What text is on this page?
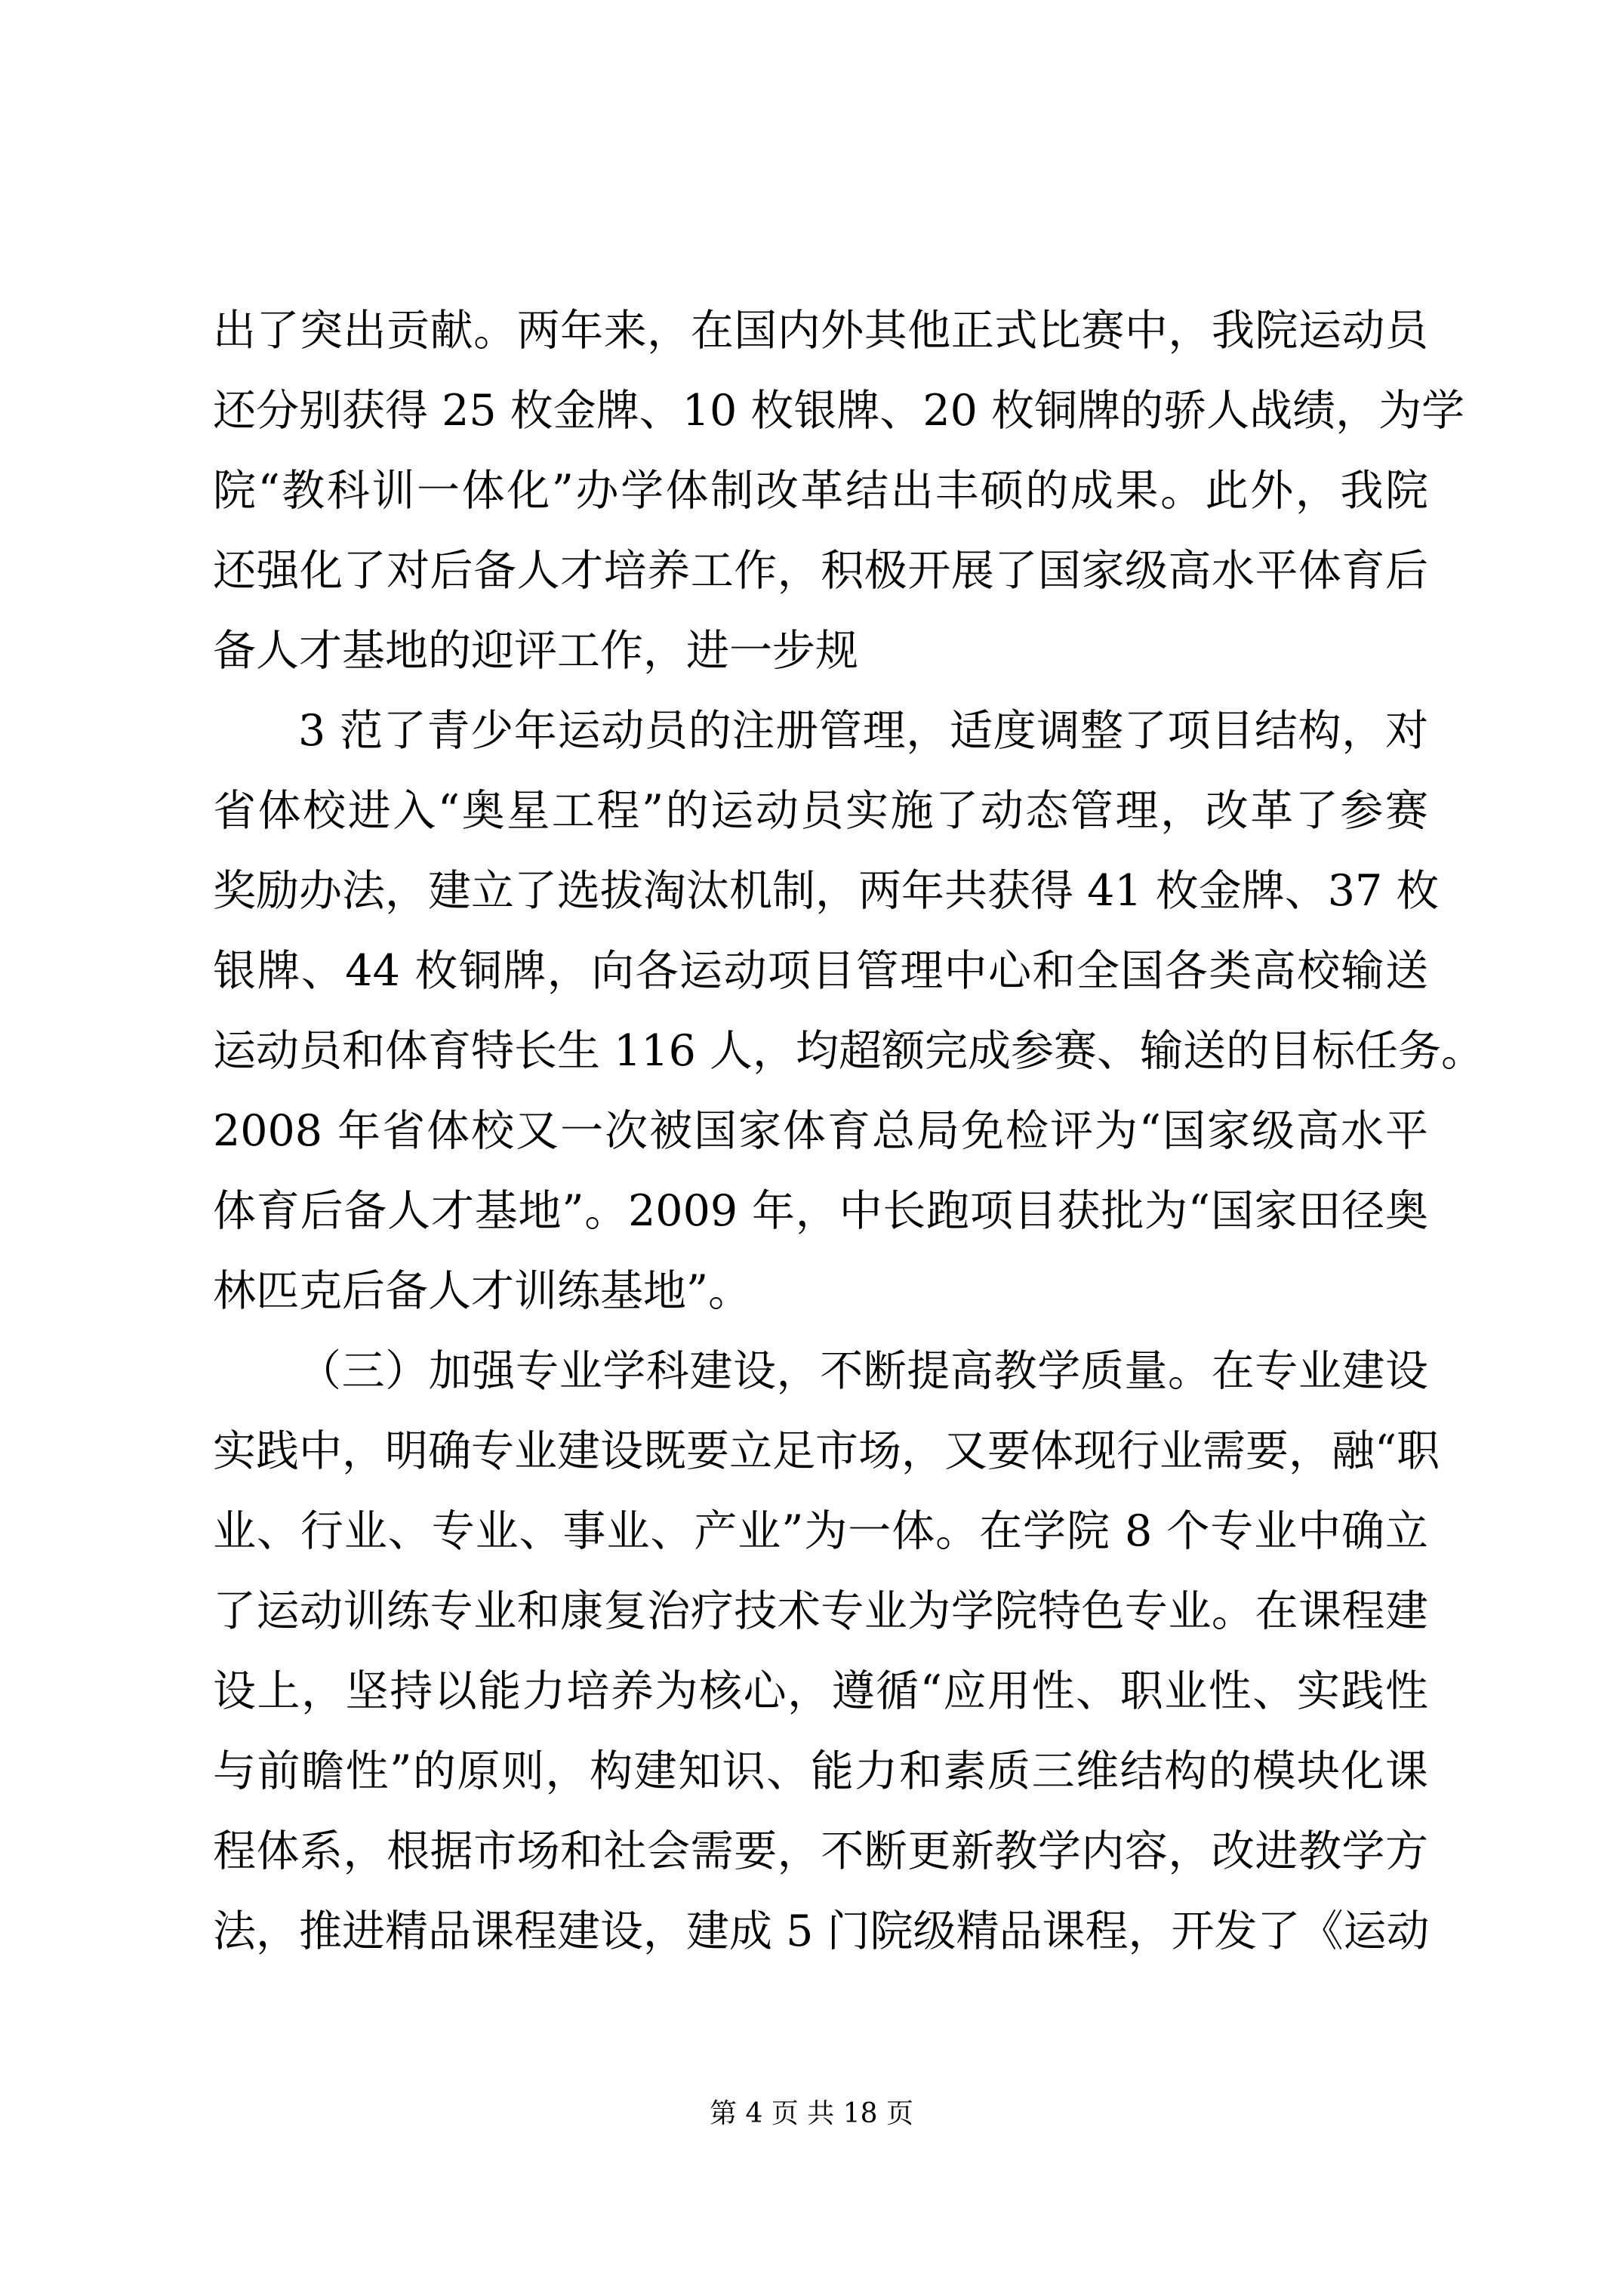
出了突出贡献。两年来，在国内外其他正式比赛中，我院运动员
还分别获得 25 枚金牌、10 枚银牌、20 枚铜牌的骄人战绩，为学
院“教科训一体化”办学体制改革结出丰硕的成果。此外，我院
还强化了对后备人才培养工作，积极开展了国家级高水平体育后
备人才基地的迎评工作，进一步规
3 范了青少年运动员的注册管理，适度调整了项目结构，对
省体校进入“奥星工程”的运动员实施了动态管理，改革了参赛
奖励办法，建立了选拔淘汰机制，两年共获得 41 枚金牌、37 枚
银牌、44 枚铜牌，向各运动项目管理中心和全国各类高校输送
运动员和体育特长生 116 人，均超额完成参赛、输送的目标任务。
2008 年省体校又一次被国家体育总局免检评为“国家级高水平
体育后备人才基地”。2009 年，中长跑项目获批为“国家田径奥
林匹克后备人才训练基地”。
（三）加强专业学科建设，不断提高教学质量。在专业建设
实践中，明确专业建设既要立足市场，又要体现行业需要，融“职
业、行业、专业、事业、产业”为一体。在学院 8 个专业中确立
了运动训练专业和康复治疗技术专业为学院特色专业。在课程建
设上，坚持以能力培养为核心，遵循“应用性、职业性、实践性
与前瞻性”的原则，构建知识、能力和素质三维结构的模块化课
程体系，根据市场和社会需要，不断更新教学内容，改进教学方
法，推进精品课程建设，建成 5 门院级精品课程，开发了《运动
第 4 页 共 18 页
